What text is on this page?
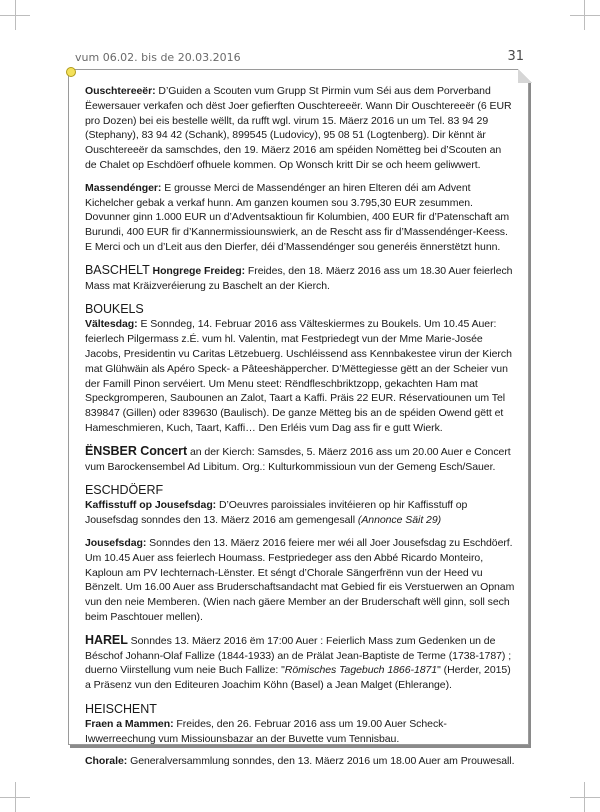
vum 06.02. bis de 20.03.2016	31

Ouschtereeër: D’Guiden a Scouten vum Grupp St Pirmin vum Séi aus dem Porverband Ëewersauer verkafen och dëst Joer gefierften Ouschtereeër. Wann Dir Ouschtereeër (6 EUR pro Dozen) bei eis bestelle wëllt, da rufft wgl. virum 15. Mäerz 2016 un um Tel. 83 94 29 (Stephany), 83 94 42 (Schank), 899545 (Ludovicy), 95 08 51 (Logtenberg). Dir kënnt är Ouschtereeër da samschdes, den 19. Mäerz 2016 am spéiden Nomëtteg bei d’Scouten an de Chalet op Eschdöerf ofhuele kommen. Op Wonsch kritt Dir se och heem geliwwert.

Massendénger: E grousse Merci de Massendénger an hiren Elteren déi am Advent Kichelcher gebak a verkaf hunn. Am ganzen koumen sou 3.795,30 EUR zesummen. Dovunner ginn 1.000 EUR un d’Adventsaktioun fir Kolumbien, 400 EUR fir d’Patenschaft am Burundi, 400 EUR fir d’Kannermissiounswierk, an de Rescht ass fir d’Massendénger-Keess. E Merci och un d’Leit aus den Dierfer, déi d’Massendénger sou generéis ënnerstëtzt hunn.

BASCHELT Hongrege Freideg: Freides, den 18. Mäerz 2016 ass um 18.30 Auer feierlech Mass mat Kräizveréierung zu Baschelt an der Kierch.

BOUKELS

Vältesdag: E Sonndeg, 14. Februar 2016 ass Välteskiermes zu Boukels. Um 10.45 Auer: feierlech Pilgermass z.É. vum hl. Valentin, mat Festpriedegt vun der Mme Marie-Josée Jacobs, Presidentin vu Caritas Lëtzebuerg. Uschléissend ass Kennbakestee virun der Kierch mat Glühwäin als Apéro Speck- a Pâteeshäppercher. D’Mëttegiesse gëtt an der Scheier vun der Famill Pinon servéiert. Um Menu steet: Rëndfleschbriktzopp, gekachten Ham mat Speckgromperen, Saubounen an Zalot, Taart a Kaffi. Präis 22 EUR. Réservatiounen um Tel 839847 (Gillen) oder 839630 (Baulisch). De ganze Mëtteg bis an de spéiden Owend gëtt et Hameschmieren, Kuch, Taart, Kaffi… Den Erléis vum Dag ass fir e gutt Wierk.

ËNSBER Concert an der Kierch: Samsdes, 5. Mäerz 2016 ass um 20.00 Auer e Concert vum Barockensembel Ad Libitum. Org.: Kulturkommissioun vun der Gemeng Esch/Sauer.

ESCHDÖERF

Kaffisstuff op Jousefsdag: D’Oeuvres paroissiales invitéieren op hir Kaffisstuff op Jousefsdag sonndes den 13. Mäerz 2016 am gemengesall (Annonce Säit 29)

Jousefsdag: Sonndes den 13. Mäerz 2016 feiere mer wéi all Joer Jousefsdag zu Eschdöerf. Um 10.45 Auer ass feierlech Houmass. Festpriedeger ass den Abbé Ricardo Monteiro, Kaploun am PV Iechternach-Lënster. Et séngt d’Chorale Sängerfrënn vun der Heed vu Bënzelt. Um 16.00 Auer ass Bruderschaftsandacht mat Gebied fir eis Verstuerwen an Opnam vun den neie Memberen. (Wien nach gäere Member an der Bruderschaft wëll ginn, soll sech beim Paschtouer mellen).

HAREL Sonndes 13. Mäerz 2016 ëm 17:00 Auer : Feierlich Mass zum Gedenken un de Béschof Johann-Olaf Fallize (1844-1933) an de Prälat Jean-Baptiste de Terme (1738-1787) ; duerno Viirstellung vum neie Buch Fallize: "Römisches Tagebuch 1866-1871" (Herder, 2015) a Präsenz vun den Editeuren Joachim Köhn (Basel) a Jean Malget (Ehlerange).

HEISCHENT

Fraen a Mammen: Freides, den 26. Februar 2016 ass um 19.00 Auer Scheck-Iwwerreechung vum Missiounsbazar an der Buvette vum Tennisbau.

Chorale: Generalversammlung sonndes, den 13. Mäerz 2016 um 18.00 Auer am Prouwesall.
